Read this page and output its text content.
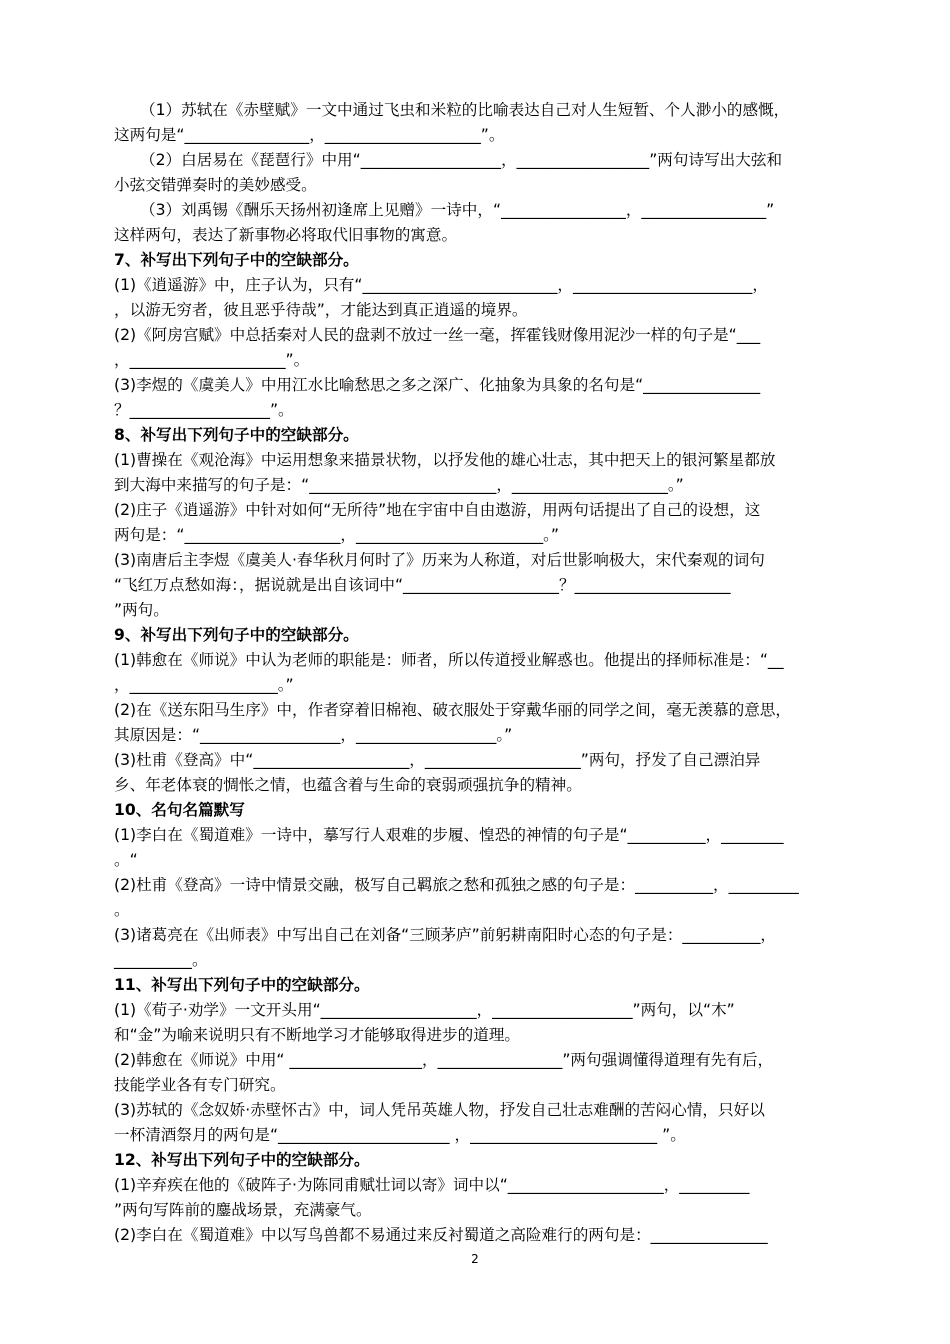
（1）苏轼在《赤壁赋》一文中通过飞虫和米粒的比喻表达自己对人生短暂、个人渺小的感慨，
这两句是“________________，____________________”。
（2）白居易在《琵琶行》中用“__________________，_________________”两句诗写出大弦和
小弦交错弹奏时的美妙感受。
（3）刘禹锡《酬乐天扬州初逢席上见赠》一诗中，“________________，________________”
这样两句，表达了新事物必将取代旧事物的寓意。
7、补写出下列句子中的空缺部分。
(1)《逍遥游》中，庄子认为，只有“_________________________，_______________________，
，以游无穷者，彼且恶乎待哉”，才能达到真正逍遥的境界。
(2)《阿房宫赋》中总括秦对人民的盘剥不放过一丝一毫，挥霍钱财像用泥沙一样的句子是“___
，____________________”。
(3)李煜的《虞美人》中用江水比喻愁思之多之深广、化抽象为具象的名句是“_______________
？__________________”。
8、补写出下列句子中的空缺部分。
(1)曹操在《观沧海》中运用想象来描景状物，以抒发他的雄心壮志，其中把天上的银河繁星都放
到大海中来描写的句子是：“________________________，____________________。”
(2)庄子《逍遥游》中针对如何“无所待”地在宇宙中自由遨游，用两句话提出了自己的设想，这
两句是：“____________________，________________________。”
(3)南唐后主李煜《虞美人·春华秋月何时了》历来为人称道，对后世影响极大，宋代秦观的词句
“飞红万点愁如海：，据说就是出自该词中“____________________？____________________
”两句。
9、补写出下列句子中的空缺部分。
(1)韩愈在《师说》中认为老师的职能是：师者，所以传道授业解惑也。他提出的择师标准是：“__
，___________________。”
(2)在《送东阳马生序》中，作者穿着旧棉袍、破衣服处于穿戴华丽的同学之间，毫无羡慕的意思，
其原因是：“__________________，__________________。”
(3)杜甫《登高》中“____________________，____________________”两句，抒发了自己漂泊异
乡、年老体衰的惆怅之情，也蕴含着与生命的衰弱顽强抗争的精神。
10、名句名篇默写
(1)李白在《蜀道难》一诗中，摹写行人艰难的步履、惶恐的神情的句子是“__________，________
。“
(2)杜甫《登高》一诗中情景交融，极写自己羁旅之愁和孤独之感的句子是：__________，_________
。
(3)诸葛亮在《出师表》中写出自己在刘备“三顾茅庐”前躬耕南阳时心态的句子是：__________，
__________。
11、补写出下列句子中的空缺部分。
(1)《荀子·劝学》一文开头用“____________________，__________________”两句，以“木”
和“金”为喻来说明只有不断地学习才能够取得进步的道理。
(2)韩愈在《师说》中用“ _________________，________________”两句强调懂得道理有先有后，
技能学业各有专门研究。
(3)苏轼的《念奴娇·赤壁怀古》中，词人凭吊英雄人物，抒发自己壮志难酬的苦闷心情，只好以
一杯清酒祭月的两句是“______________________ ，________________________ ”。
12、补写出下列句子中的空缺部分。
(1)辛弃疾在他的《破阵子·为陈同甫赋壮词以寄》词中以“____________________，_________
”两句写阵前的鏖战场景，充满豪气。
(2)李白在《蜀道难》中以写鸟兽都不易通过来反衬蜀道之高险难行的两句是：_______________
2
